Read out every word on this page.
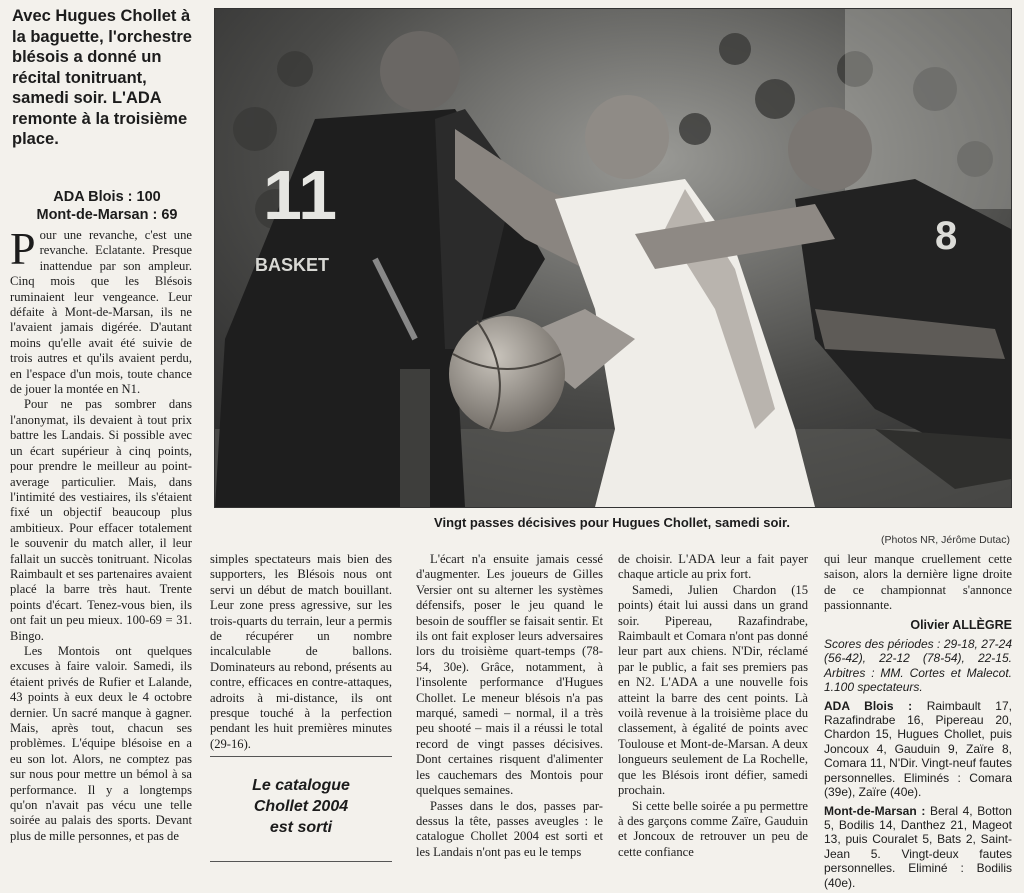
Avec Hugues Chollet à la baguette, l'orchestre blésois a donné un récital tonitruant, samedi soir. L'ADA remonte à la troisième place.
ADA Blois : 100
Mont-de-Marsan : 69

Pour une revanche, c'est une revanche. Eclatante. Presque inattendue par son ampleur. Cinq mois que les Blésois ruminaient leur vengeance. Leur défaite à Mont-de-Marsan, ils ne l'avaient jamais digérée. D'autant moins qu'elle avait été suivie de trois autres et qu'ils avaient perdu, en l'espace d'un mois, toute chance de jouer la montée en N1.

Pour ne pas sombrer dans l'anonymat, ils devaient à tout prix battre les Landais. Si possible avec un écart supérieur à cinq points, pour prendre le meilleur au point-average particulier. Mais, dans l'intimité des vestiaires, ils s'étaient fixé un objectif beaucoup plus ambitieux. Pour effacer totalement le souvenir du match aller, il leur fallait un succès tonitruant. Nicolas Raimbault et ses partenaires avaient placé la barre très haut. Trente points d'écart. Tenez-vous bien, ils ont fait un peu mieux. 100-69 = 31. Bingo.

Les Montois ont quelques excuses à faire valoir. Samedi, ils étaient privés de Rufier et Lalande, 43 points à eux deux le 4 octobre dernier. Un sacré manque à gagner. Mais, après tout, chacun ses problèmes. L'équipe blésoise en a eu son lot. Alors, ne comptez pas sur nous pour mettre un bémol à sa performance. Il y a longtemps qu'on n'avait pas vécu une telle soirée au palais des sports. Devant plus de mille personnes, et pas de

11
BASKET
8
Vingt passes décisives pour Hugues Chollet, samedi soir.
(Photos NR, Jérôme Dutac)

simples spectateurs mais bien des supporters, les Blésois nous ont servi un début de match bouillant. Leur zone press agressive, sur les trois-quarts du terrain, leur a permis de récupérer un nombre incalculable de ballons. Dominateurs au rebond, présents au contre, efficaces en contre-attaques, adroits à mi-distance, ils ont presque touché à la perfection pendant les huit premières minutes (29-16).

Le catalogue
Chollet 2004
est sorti

L'écart n'a ensuite jamais cessé d'augmenter. Les joueurs de Gilles Versier ont su alterner les systèmes défensifs, poser le jeu quand le besoin de souffler se faisait sentir. Et ils ont fait exploser leurs adversaires lors du troisième quart-temps (78-54, 30e). Grâce, notamment, à l'insolente performance d'Hugues Chollet. Le meneur blésois n'a pas marqué, samedi – normal, il a très peu shooté – mais il a réussi le total record de vingt passes décisives. Dont certaines risquent d'alimenter les cauchemars des Montois pour quelques semaines.

Passes dans le dos, passes par-dessus la tête, passes aveugles : le catalogue Chollet 2004 est sorti et les Landais n'ont pas eu le temps

de choisir. L'ADA leur a fait payer chaque article au prix fort.

Samedi, Julien Chardon (15 points) était lui aussi dans un grand soir. Pipereau, Razafindrabe, Raimbault et Comara n'ont pas donné leur part aux chiens. N'Dir, réclamé par le public, a fait ses premiers pas en N2. L'ADA a une nouvelle fois atteint la barre des cent points. Là voilà revenue à la troisième place du classement, à égalité de points avec Toulouse et Mont-de-Marsan. A deux longueurs seulement de La Rochelle, que les Blésois iront défier, samedi prochain.

Si cette belle soirée a pu permettre à des garçons comme Zaïre, Gauduin et Joncoux de retrouver un peu de cette confiance

qui leur manque cruellement cette saison, alors la dernière ligne droite de ce championnat s'annonce passionnante.

Olivier ALLÈGRE
Scores des périodes : 29-18, 27-24 (56-42), 22-12 (78-54), 22-15. Arbitres : MM. Cortes et Malecot. 1.100 spectateurs.
ADA Blois : Raimbault 17, Razafindrabe 16, Pipereau 20, Chardon 15, Hugues Chollet, puis Joncoux 4, Gauduin 9, Zaïre 8, Comara 11, N'Dir. Vingt-neuf fautes personnelles. Eliminés : Comara (39e), Zaïre (40e).
Mont-de-Marsan : Beral 4, Botton 5, Bodilis 14, Danthez 21, Mageot 13, puis Couralet 5, Bats 2, Saint-Jean 5. Vingt-deux fautes personnelles. Eliminé : Bodilis (40e).
